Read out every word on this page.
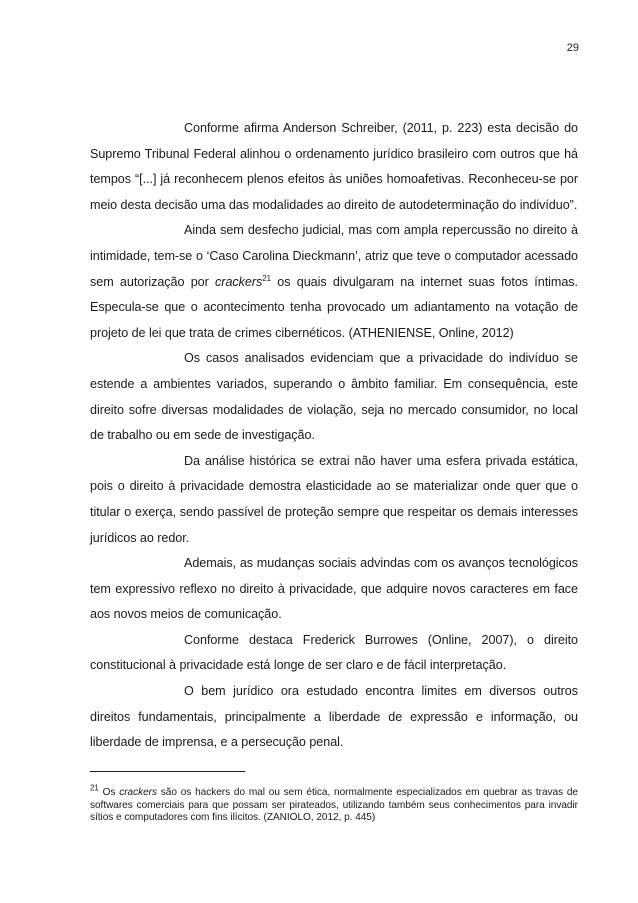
29

Conforme afirma Anderson Schreiber, (2011, p. 223) esta decisão do Supremo Tribunal Federal alinhou o ordenamento jurídico brasileiro com outros que há tempos “[...] já reconhecem plenos efeitos às uniões homoafetivas. Reconheceu-se por meio desta decisão uma das modalidades ao direito de autodeterminação do indivíduo”.

Ainda sem desfecho judicial, mas com ampla repercussão no direito à intimidade, tem-se o ‘Caso Carolina Dieckmann’, atriz que teve o computador acessado sem autorização por crackers$^{21}$ os quais divulgaram na internet suas fotos íntimas. Especula-se que o acontecimento tenha provocado um adiantamento na votação de projeto de lei que trata de crimes cibernéticos. (ATHENIENSE, Online, 2012)

Os casos analisados evidenciam que a privacidade do indivíduo se estende a ambientes variados, superando o âmbito familiar. Em consequência, este direito sofre diversas modalidades de violação, seja no mercado consumidor, no local de trabalho ou em sede de investigação.

Da análise histórica se extrai não haver uma esfera privada estática, pois o direito à privacidade demostra elasticidade ao se materializar onde quer que o titular o exerça, sendo passível de proteção sempre que respeitar os demais interesses jurídicos ao redor.

Ademais, as mudanças sociais advindas com os avanços tecnológicos tem expressivo reflexo no direito à privacidade, que adquire novos caracteres em face aos novos meios de comunicação.

Conforme destaca Frederick Burrowes (Online, 2007), o direito constitucional à privacidade está longe de ser claro e de fácil interpretação.

O bem jurídico ora estudado encontra limites em diversos outros direitos fundamentais, principalmente a liberdade de expressão e informação, ou liberdade de imprensa, e a persecução penal.

$^{21}$ Os crackers são os hackers do mal ou sem ética, normalmente especializados em quebrar as travas de softwares comerciais para que possam ser pirateados, utilizando também seus conhecimentos para invadir sítios e computadores com fins ilícitos. (ZANIOLO, 2012, p. 445)
